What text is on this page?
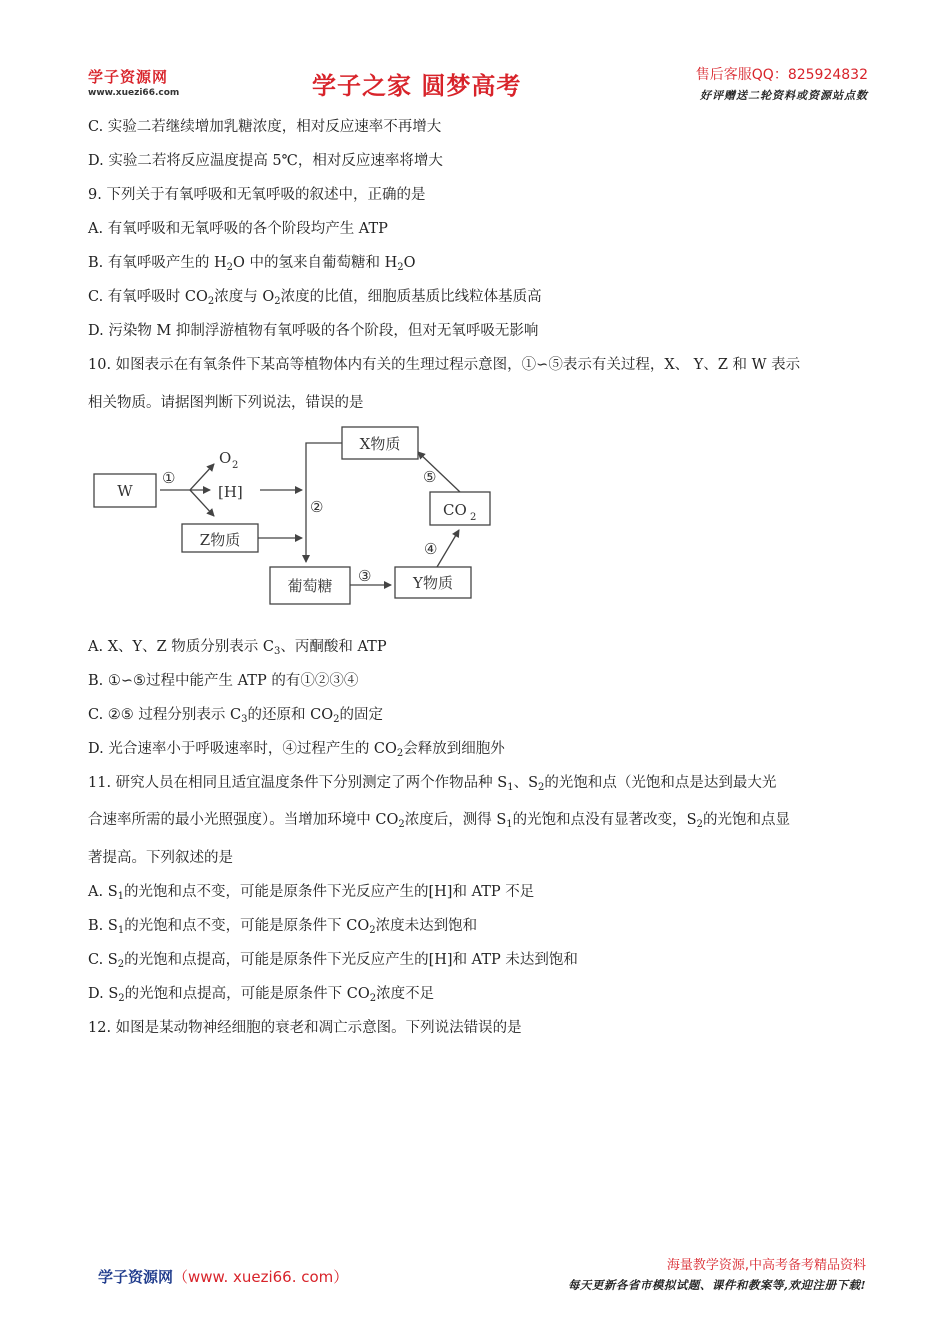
学子资源网
www.xuezi66.com	学子之家 圆梦高考	售后客服QQ：825924832
好评赠送二轮资料或资源站点数
C. 实验二若继续增加乳糖浓度，相对反应速率不再增大
D. 实验二若将反应温度提高 5℃，相对反应速率将增大
9. 下列关于有氧呼吸和无氧呼吸的叙述中，正确的是
A. 有氧呼吸和无氧呼吸的各个阶段均产生 ATP
B. 有氧呼吸产生的 $H_2O$ 中的氢来自葡萄糖和 $H_2O$
C. 有氧呼吸时 $CO_2$浓度与 $O_2$浓度的比值，细胞质基质比线粒体基质高
D. 污染物 M 抑制浮游植物有氧呼吸的各个阶段，但对无氧呼吸无影响
10. 如图表示在有氧条件下某高等植物体内有关的生理过程示意图，①∽⑤表示有关过程，X、 Y、Z 和 W 表示
相关物质。请据图判断下列说法，错误的是
W
Z物质
X物质
葡萄糖	Y物质
[H]
O 2
CO 2
①
②
③
④
⑤
A. X、Y、Z 物质分别表示 $C_3$、丙酮酸和 ATP
B. ①∽⑤过程中能产生 ATP 的有①②③④
C. ②⑤ 过程分别表示 $C_3$的还原和 $CO_2$的固定
D. 光合速率小于呼吸速率时，④过程产生的 $CO_2$会释放到细胞外
11. 研究人员在相同且适宜温度条件下分别测定了两个作物品种 $S_1$、$S_2$的光饱和点（光饱和点是达到最大光
合速率所需的最小光照强度）。当增加环境中 $CO_2$浓度后，测得 $S_1$的光饱和点没有显著改变，$S_2$的光饱和点显
著提高。下列叙述的是
A. $S_1$的光饱和点不变，可能是原条件下光反应产生的[H]和 ATP 不足
B. $S_1$的光饱和点不变，可能是原条件下 $CO_2$浓度未达到饱和
C. $S_2$的光饱和点提高，可能是原条件下光反应产生的[H]和 ATP 未达到饱和
D. $S_2$的光饱和点提高，可能是原条件下 $CO_2$浓度不足
12. 如图是某动物神经细胞的衰老和凋亡示意图。下列说法错误的是
学子资源网（www. xuezi66. com）
海量教学资源,中高考备考精品资料
每天更新各省市模拟试题、课件和教案等,欢迎注册下载!
